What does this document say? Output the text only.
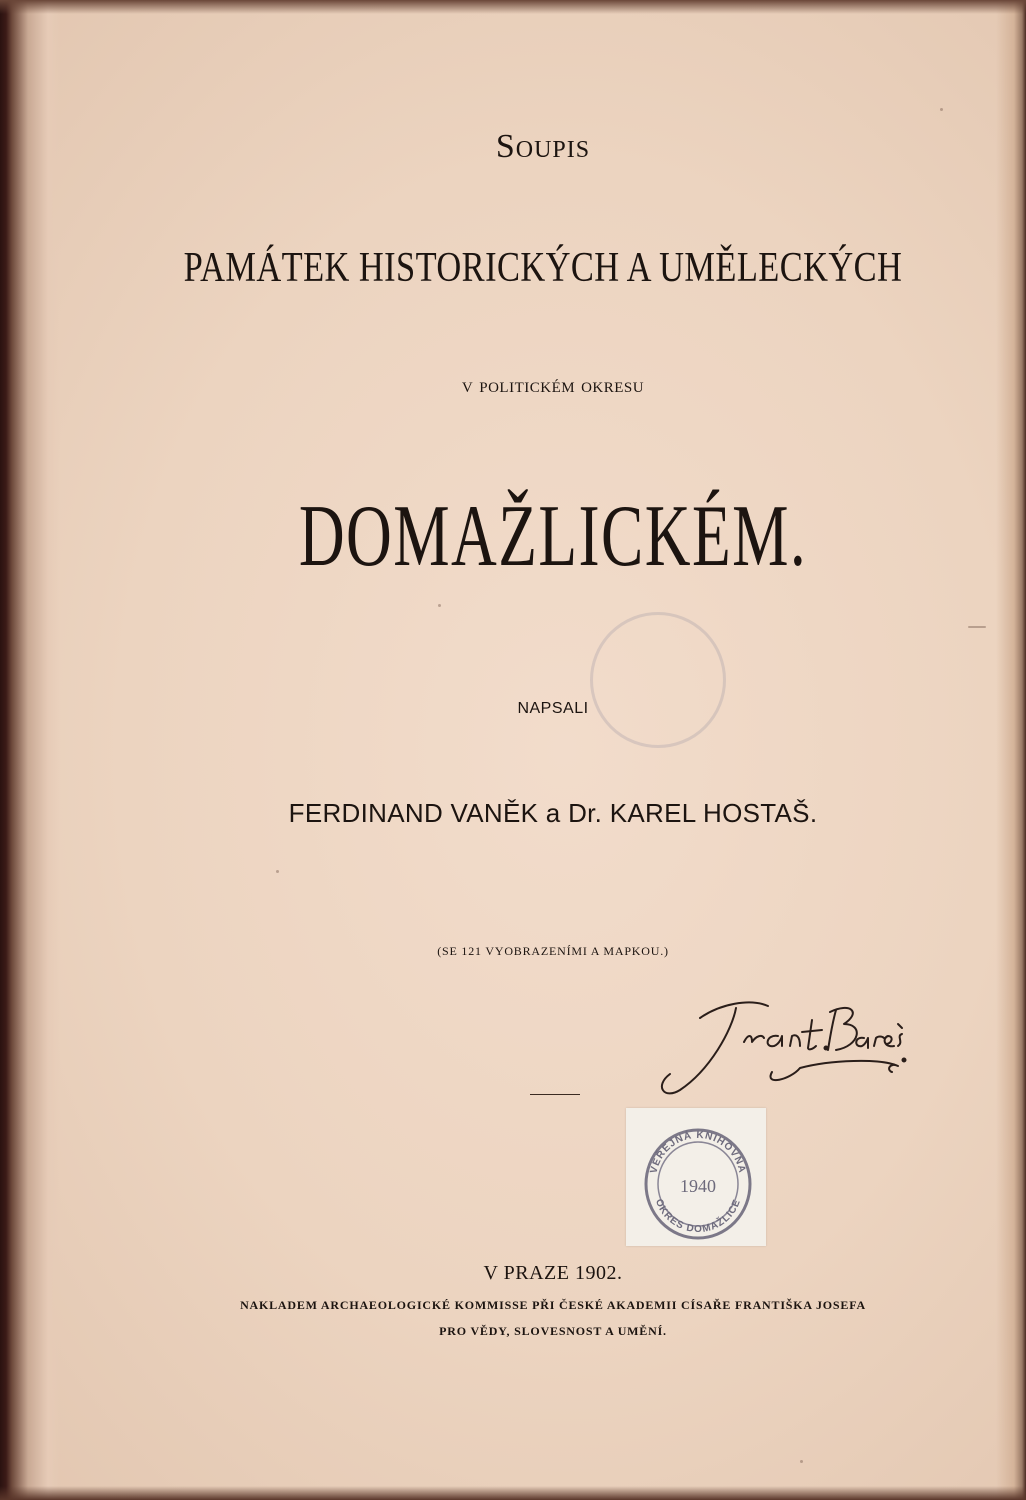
Soupis
PAMÁTEK HISTORICKÝCH A UMĚLECKÝCH
v politickém okresu
DOMAŽLICKÉM.
NAPSALI
FERDINAND VANĚK a Dr. KAREL HOSTAŠ.
(SE 121 VYOBRAZENÍMI A MAPKOU.)
VEŘEJNÁ KNIHOVNA
1940
OKRES DOMAŽLICE
V PRAZE 1902.
NAKLADEM ARCHAEOLOGICKÉ KOMMISSE PŘI ČESKÉ AKADEMII CÍSAŘE FRANTIŠKA JOSEFA
PRO VĚDY, SLOVESNOST A UMĚNÍ.
